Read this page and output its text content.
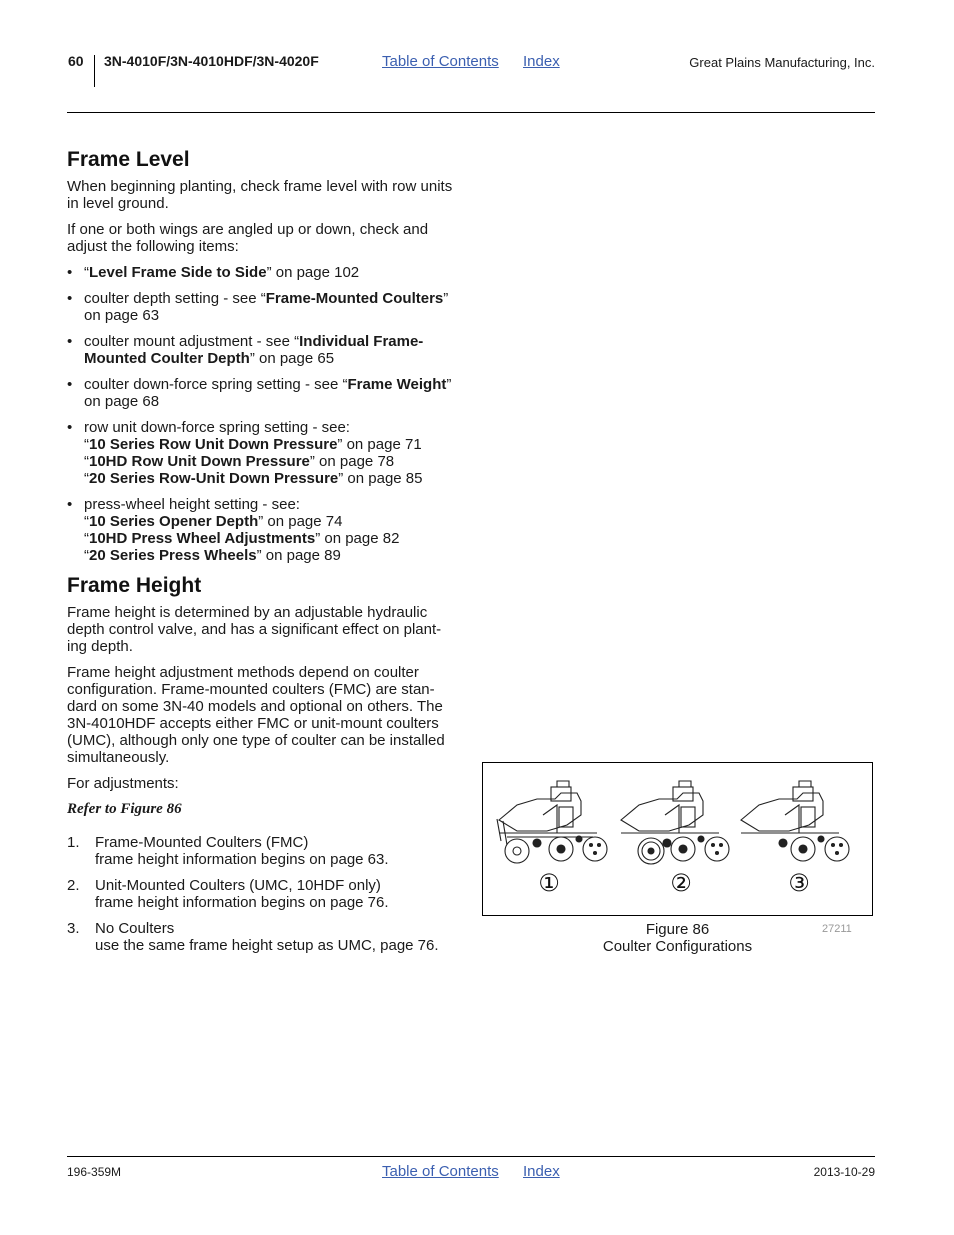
60 3N-4010F/3N-4010HDF/3N-4020F	Table of Contents Index	Great Plains Manufacturing, Inc.
Frame Level

When beginning planting, check frame level with row units in level ground.

If one or both wings are angled up or down, check and adjust the following items:

• “Level Frame Side to Side” on page 102
• coulter depth setting - see “Frame-Mounted Coulters” on page 63
• coulter mount adjustment - see “Individual Frame-Mounted Coulter Depth” on page 65
• coulter down-force spring setting - see “Frame Weight” on page 68
• row unit down-force spring setting - see:
“10 Series Row Unit Down Pressure” on page 71
“10HD Row Unit Down Pressure” on page 78
“20 Series Row-Unit Down Pressure” on page 85
• press-wheel height setting - see:
“10 Series Opener Depth” on page 74
“10HD Press Wheel Adjustments” on page 82
“20 Series Press Wheels” on page 89
Frame Height

Frame height is determined by an adjustable hydraulic depth control valve, and has a significant effect on plant-ing depth.

Frame height adjustment methods depend on coulter configuration. Frame-mounted coulters (FMC) are stan-dard on some 3N-40 models and optional on others. The 3N-4010HDF accepts either FMC or unit-mount coulters (UMC), although only one type of coulter can be installed simultaneously.

For adjustments:

Refer to Figure 86
1. Frame-Mounted Coulters (FMC)
frame height information begins on page 63.
2. Unit-Mounted Coulters (UMC, 10HDF only)
frame height information begins on page 76.
3. No Coulters
use the same frame height setup as UMC, page 76.
①	②	③
Figure 86
Coulter Configurations
27211
196-359M	Table of Contents Index	2013-10-29
